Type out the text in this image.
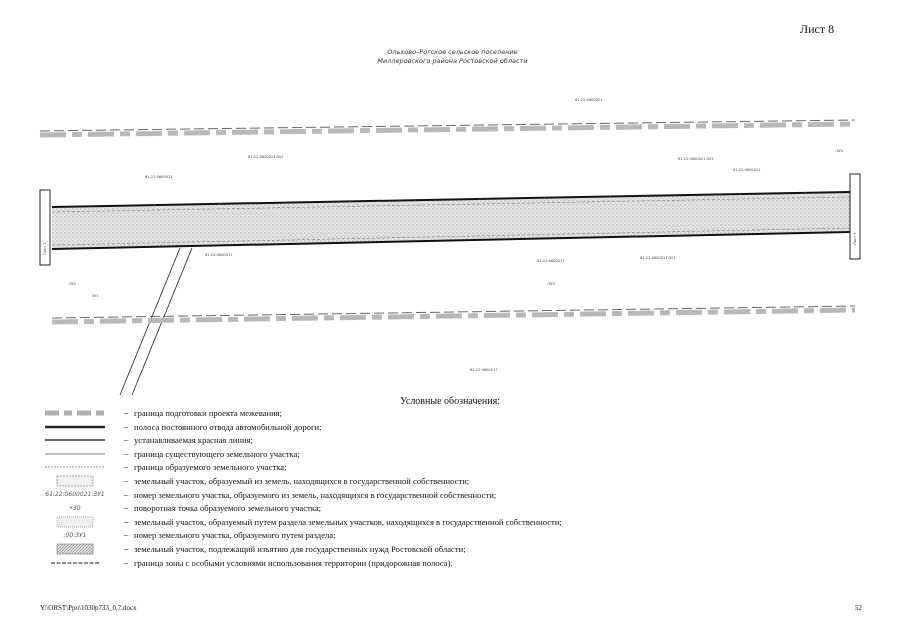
Лист 8
Ольхово–Рогское сельское поселение
Миллеровского района Ростовской области
Лист 7
Лист 9
61:22:0600021
61:22:0600021:ЗУ2	61:22:0600021:ЗУ3
61:22:0600021
:ЗУ4
61:22:0600021
61:22:0600017:ЗУ1
61:22:0600017
:ЗУ2
:ЗУ1
ЗУ1
61:22:0600017
61:22:0600017
Условные обозначения:
– граница подготовки проекта межевания;
– полоса постоянного отвода автомобильной дороги;
– устанавливаемая красная линия;
– граница существующего земельного участка;
– граница образуемого земельного участка;
– земельный участок, образуемый из земель, находящихся в государственной собственности;
61:22:0600021:ЗУ1	– номер земельного участка, образуемого из земель, находящихся в государственной собственности;
•30	– поворотная точка образуемого земельного участка;
– земельный участок, образуемый путем раздела земельных участков, находящихся в государственной собственности;
:00:ЗУ1	– номер земельного участка, образуемого путем раздела;
– земельный участок, подлежащий изъятию для государственных нужд Ростовской области;
– граница зоны с особыми условиями использования территории (придорожная полоса).
Y:\ORST\Ppo\1030p733_0.7.docx	52
